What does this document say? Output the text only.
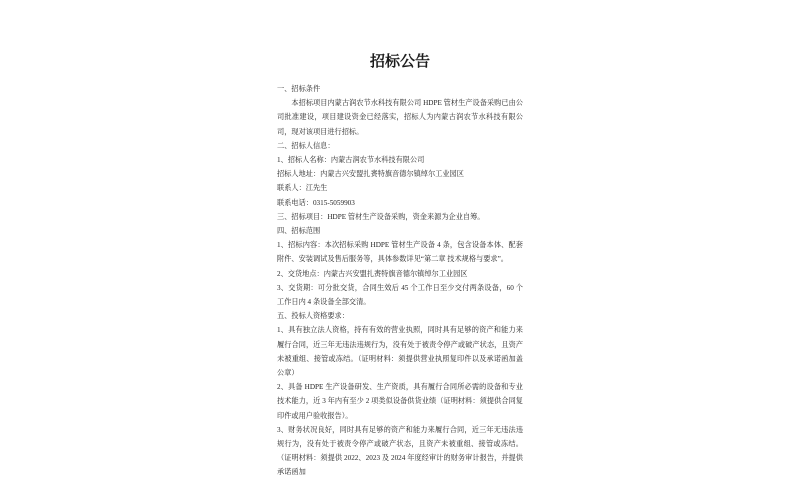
招标公告

一、招标条件

本招标项目内蒙古润农节水科技有限公司 HDPE 管材生产设备采购已由公司批准建设，项目建设资金已经落实，招标人为内蒙古润农节水科技有限公司，现对该项目进行招标。

二、招标人信息：

1、招标人名称：内蒙古润农节水科技有限公司

招标人地址：内蒙古兴安盟扎赉特旗音德尔镇绰尔工业园区

联系人：江先生

联系电话：0315-5059903

三、招标项目：HDPE 管材生产设备采购，资金来源为企业自筹。

四、招标范围

1、招标内容：本次招标采购 HDPE 管材生产设备 4 条，包含设备本体、配套附件、安装调试及售后服务等，具体参数详见“第二章 技术规格与要求”。

2、交货地点：内蒙古兴安盟扎赉特旗音德尔镇绰尔工业园区

3、交货期：可分批交货，合同生效后 45 个工作日至少交付两条设备，60 个工作日内 4 条设备全部交清。

五、投标人资格要求：

1、具有独立法人资格，持有有效的营业执照，同时具有足够的资产和能力来履行合同，近三年无违法违规行为，没有处于被责令停产或破产状态，且资产未被重组、接管或冻结。（证明材料：须提供营业执照复印件以及承诺函加盖公章）

2、具备 HDPE 生产设备研发、生产资质，具有履行合同所必需的设备和专业技术能力，近 3 年内有至少 2 项类似设备供货业绩（证明材料：须提供合同复印件或用户验收报告）。

3、财务状况良好，同时具有足够的资产和能力来履行合同，近三年无违法违规行为，没有处于被责令停产或破产状态，且资产未被重组、接管或冻结。（证明材料：须提供 2022、2023 及 2024 年度经审计的财务审计报告，并提供承诺函加
